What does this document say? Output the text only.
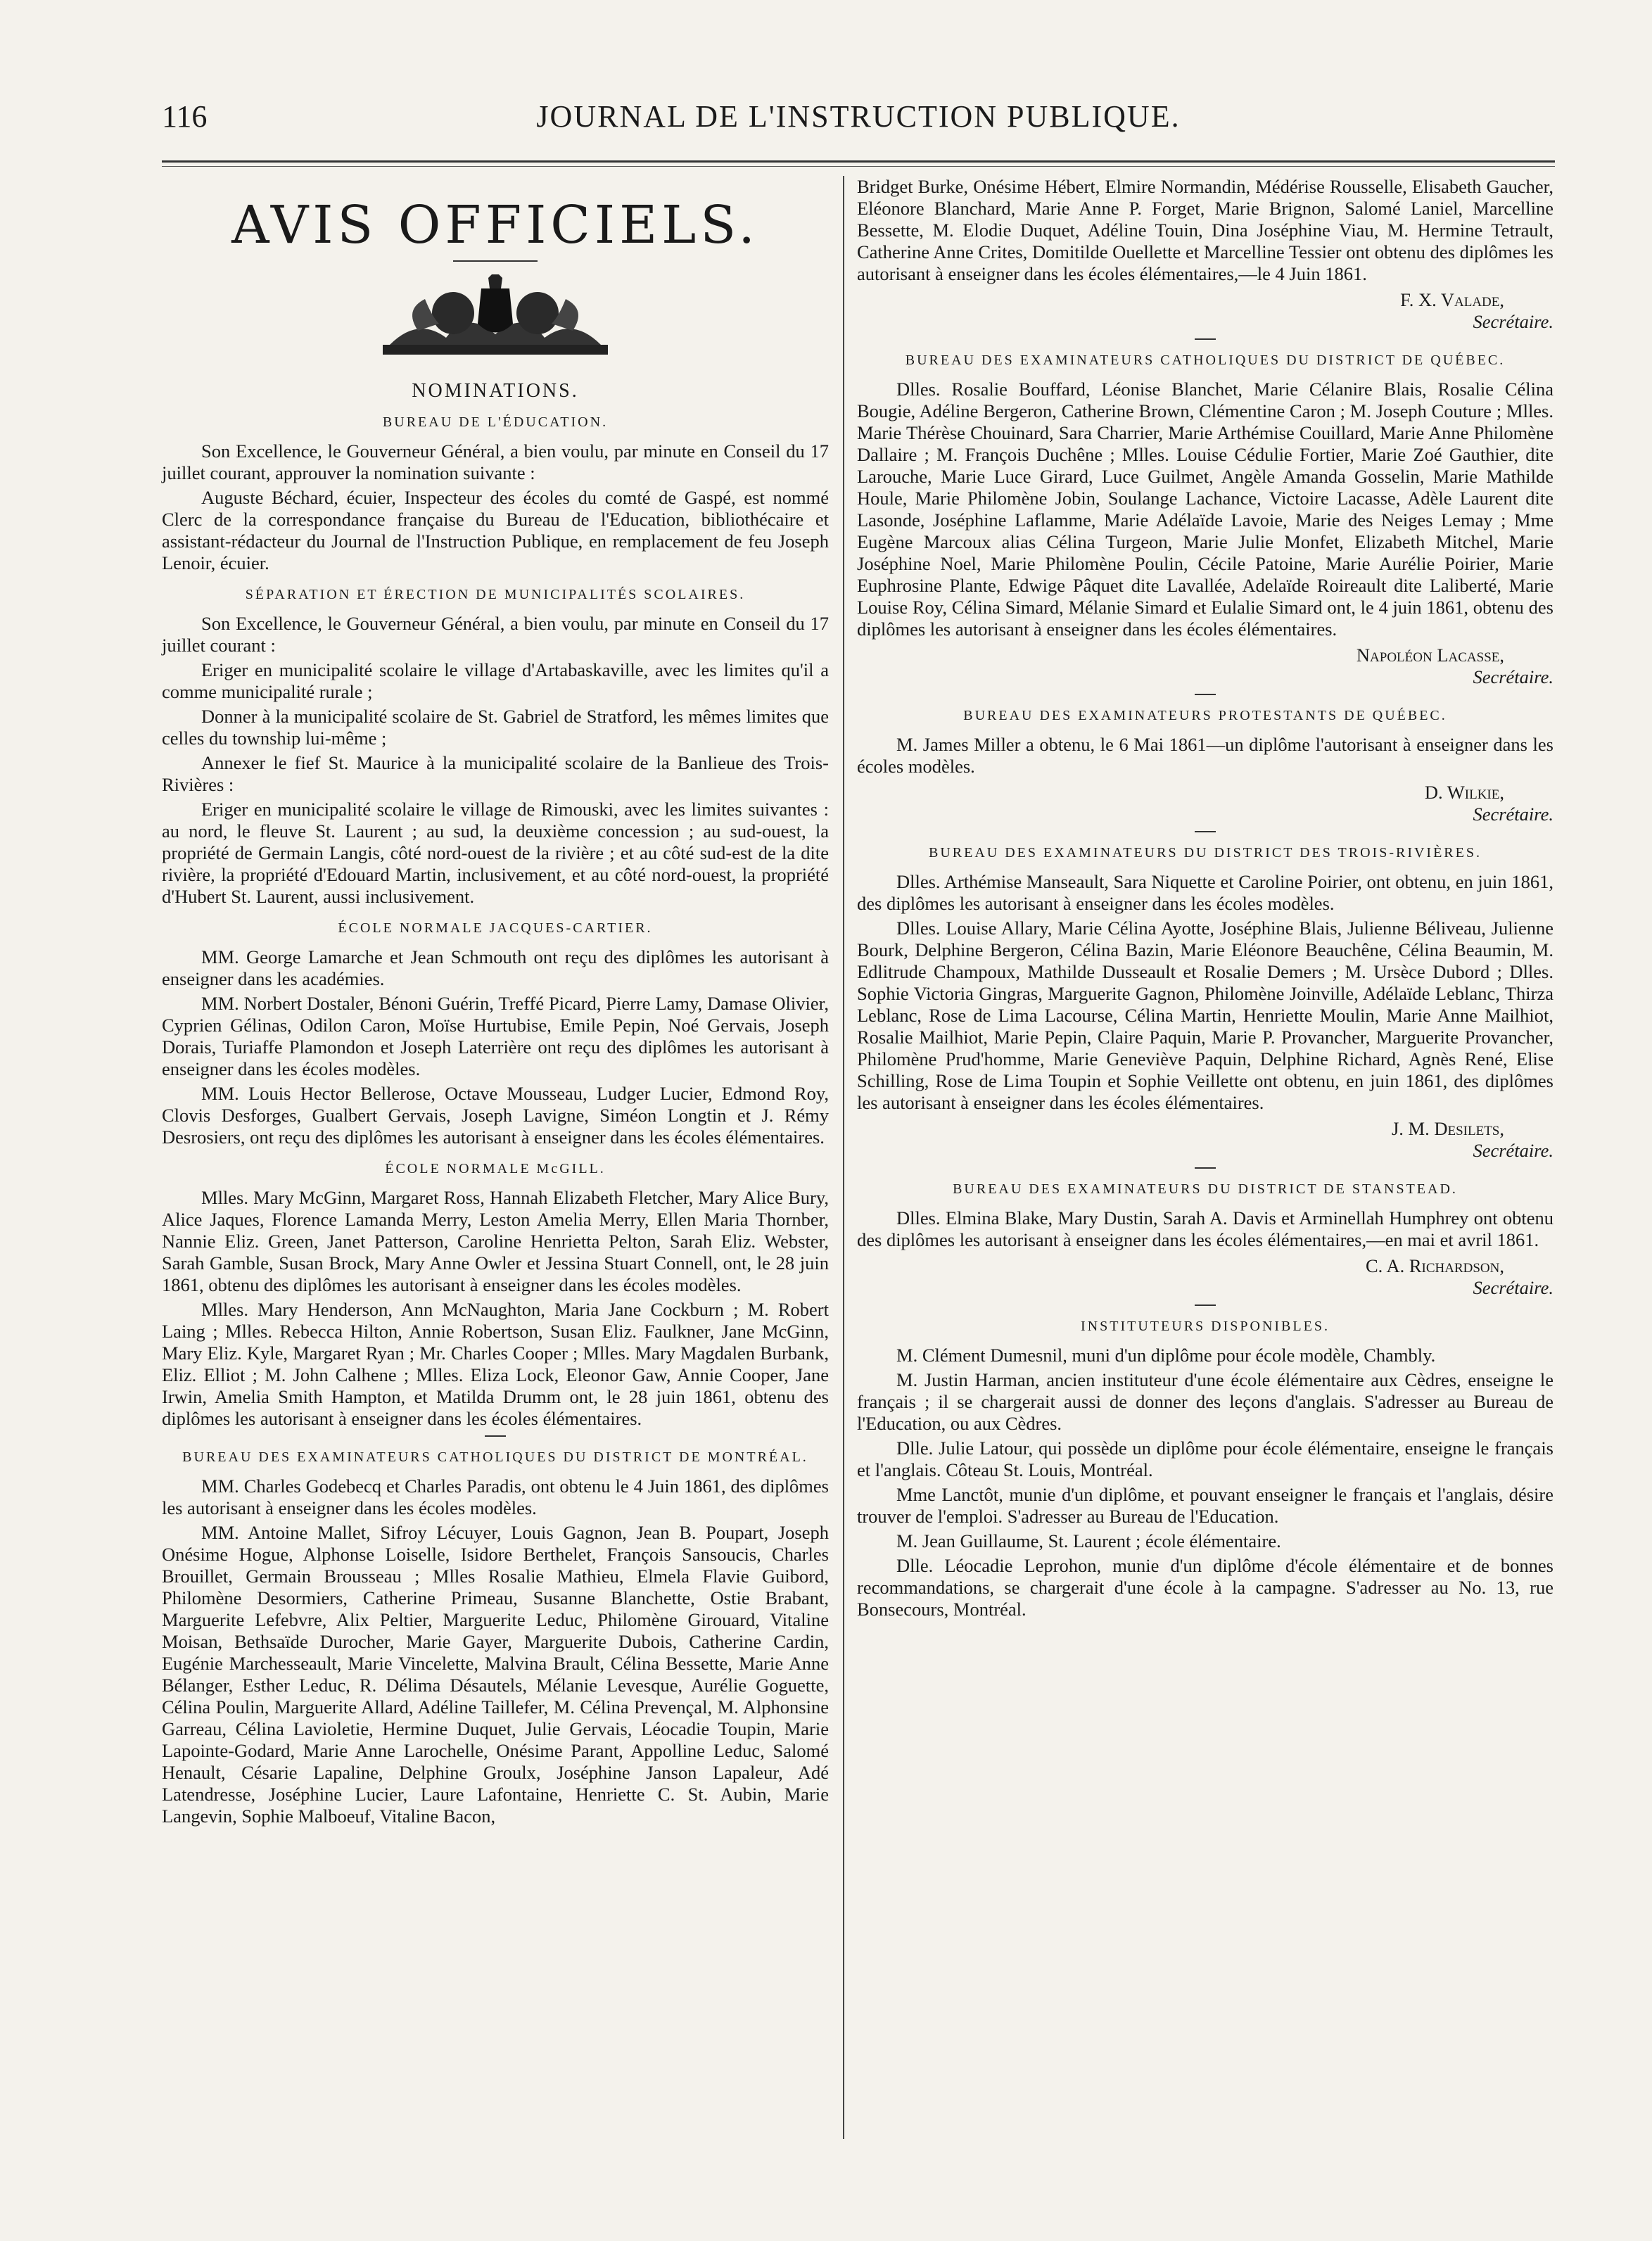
116	JOURNAL DE L'INSTRUCTION PUBLIQUE.
AVIS OFFICIELS.
NOMINATIONS.
BUREAU DE L'ÉDUCATION.

Son Excellence, le Gouverneur Général, a bien voulu, par minute en Conseil du 17 juillet courant, approuver la nomination suivante :

Auguste Béchard, écuier, Inspecteur des écoles du comté de Gaspé, est nommé Clerc de la correspondance française du Bureau de l'Education, bibliothécaire et assistant-rédacteur du Journal de l'Instruction Publique, en remplacement de feu Joseph Lenoir, écuier.

SÉPARATION ET ÉRECTION DE MUNICIPALITÉS SCOLAIRES.

Son Excellence, le Gouverneur Général, a bien voulu, par minute en Conseil du 17 juillet courant :

Eriger en municipalité scolaire le village d'Artabaskaville, avec les limites qu'il a comme municipalité rurale ;

Donner à la municipalité scolaire de St. Gabriel de Stratford, les mêmes limites que celles du township lui-même ;

Annexer le fief St. Maurice à la municipalité scolaire de la Banlieue des Trois-Rivières :

Eriger en municipalité scolaire le village de Rimouski, avec les limites suivantes : au nord, le fleuve St. Laurent ; au sud, la deuxième concession ; au sud-ouest, la propriété de Germain Langis, côté nord-ouest de la rivière ; et au côté sud-est de la dite rivière, la propriété d'Edouard Martin, inclusivement, et au côté nord-ouest, la propriété d'Hubert St. Laurent, aussi inclusivement.

ÉCOLE NORMALE JACQUES-CARTIER.

MM. George Lamarche et Jean Schmouth ont reçu des diplômes les autorisant à enseigner dans les académies.

MM. Norbert Dostaler, Bénoni Guérin, Treffé Picard, Pierre Lamy, Damase Olivier, Cyprien Gélinas, Odilon Caron, Moïse Hurtubise, Emile Pepin, Noé Gervais, Joseph Dorais, Turiaffe Plamondon et Joseph Laterrière ont reçu des diplômes les autorisant à enseigner dans les écoles modèles.

MM. Louis Hector Bellerose, Octave Mousseau, Ludger Lucier, Edmond Roy, Clovis Desforges, Gualbert Gervais, Joseph Lavigne, Siméon Longtin et J. Rémy Desrosiers, ont reçu des diplômes les autorisant à enseigner dans les écoles élémentaires.

ÉCOLE NORMALE McGILL.

Mlles. Mary McGinn, Margaret Ross, Hannah Elizabeth Fletcher, Mary Alice Bury, Alice Jaques, Florence Lamanda Merry, Leston Amelia Merry, Ellen Maria Thornber, Nannie Eliz. Green, Janet Patterson, Caroline Henrietta Pelton, Sarah Eliz. Webster, Sarah Gamble, Susan Brock, Mary Anne Owler et Jessina Stuart Connell, ont, le 28 juin 1861, obtenu des diplômes les autorisant à enseigner dans les écoles modèles.

Mlles. Mary Henderson, Ann McNaughton, Maria Jane Cockburn ; M. Robert Laing ; Mlles. Rebecca Hilton, Annie Robertson, Susan Eliz. Faulkner, Jane McGinn, Mary Eliz. Kyle, Margaret Ryan ; Mr. Charles Cooper ; Mlles. Mary Magdalen Burbank, Eliz. Elliot ; M. John Calhene ; Mlles. Eliza Lock, Eleonor Gaw, Annie Cooper, Jane Irwin, Amelia Smith Hampton, et Matilda Drumm ont, le 28 juin 1861, obtenu des diplômes les autorisant à enseigner dans les écoles élémentaires.

BUREAU DES EXAMINATEURS CATHOLIQUES DU DISTRICT DE MONTRÉAL.

MM. Charles Godebecq et Charles Paradis, ont obtenu le 4 Juin 1861, des diplômes les autorisant à enseigner dans les écoles modèles.

MM. Antoine Mallet, Sifroy Lécuyer, Louis Gagnon, Jean B. Poupart, Joseph Onésime Hogue, Alphonse Loiselle, Isidore Berthelet, François Sansoucis, Charles Brouillet, Germain Brousseau ; Mlles Rosalie Mathieu, Elmela Flavie Guibord, Philomène Desormiers, Catherine Primeau, Susanne Blanchette, Ostie Brabant, Marguerite Lefebvre, Alix Peltier, Marguerite Leduc, Philomène Girouard, Vitaline Moisan, Bethsaïde Durocher, Marie Gayer, Marguerite Dubois, Catherine Cardin, Eugénie Marchesseault, Marie Vincelette, Malvina Brault, Célina Bessette, Marie Anne Bélanger, Esther Leduc, R. Délima Désautels, Mélanie Levesque, Aurélie Goguette, Célina Poulin, Marguerite Allard, Adéline Taillefer, M. Célina Prevençal, M. Alphonsine Garreau, Célina Lavioletie, Hermine Duquet, Julie Gervais, Léocadie Toupin, Marie Lapointe-Godard, Marie Anne Larochelle, Onésime Parant, Appolline Leduc, Salomé Henault, Césarie Lapaline, Delphine Groulx, Joséphine Janson Lapaleur, Adé Latendresse, Joséphine Lucier, Laure Lafontaine, Henriette C. St. Aubin, Marie Langevin, Sophie Malboeuf, Vitaline Bacon,

Bridget Burke, Onésime Hébert, Elmire Normandin, Médérise Rousselle, Elisabeth Gaucher, Eléonore Blanchard, Marie Anne P. Forget, Marie Brignon, Salomé Laniel, Marcelline Bessette, M. Elodie Duquet, Adéline Touin, Dina Joséphine Viau, M. Hermine Tetrault, Catherine Anne Crites, Domitilde Ouellette et Marcelline Tessier ont obtenu des diplômes les autorisant à enseigner dans les écoles élémentaires,—le 4 Juin 1861.

F. X. Valade,
Secrétaire.
BUREAU DES EXAMINATEURS CATHOLIQUES DU DISTRICT DE QUÉBEC.

Dlles. Rosalie Bouffard, Léonise Blanchet, Marie Célanire Blais, Rosalie Célina Bougie, Adéline Bergeron, Catherine Brown, Clémentine Caron ; M. Joseph Couture ; Mlles. Marie Thérèse Chouinard, Sara Charrier, Marie Arthémise Couillard, Marie Anne Philomène Dallaire ; M. François Duchêne ; Mlles. Louise Cédulie Fortier, Marie Zoé Gauthier, dite Larouche, Marie Luce Girard, Luce Guilmet, Angèle Amanda Gosselin, Marie Mathilde Houle, Marie Philomène Jobin, Soulange Lachance, Victoire Lacasse, Adèle Laurent dite Lasonde, Joséphine Laflamme, Marie Adélaïde Lavoie, Marie des Neiges Lemay ; Mme Eugène Marcoux alias Célina Turgeon, Marie Julie Monfet, Elizabeth Mitchel, Marie Joséphine Noel, Marie Philomène Poulin, Cécile Patoine, Marie Aurélie Poirier, Marie Euphrosine Plante, Edwige Pâquet dite Lavallée, Adelaïde Roireault dite Laliberté, Marie Louise Roy, Célina Simard, Mélanie Simard et Eulalie Simard ont, le 4 juin 1861, obtenu des diplômes les autorisant à enseigner dans les écoles élémentaires.

Napoléon Lacasse,
Secrétaire.
BUREAU DES EXAMINATEURS PROTESTANTS DE QUÉBEC.

M. James Miller a obtenu, le 6 Mai 1861—un diplôme l'autorisant à enseigner dans les écoles modèles.

D. Wilkie,
Secrétaire.
BUREAU DES EXAMINATEURS DU DISTRICT DES TROIS-RIVIÈRES.

Dlles. Arthémise Manseault, Sara Niquette et Caroline Poirier, ont obtenu, en juin 1861, des diplômes les autorisant à enseigner dans les écoles modèles.

Dlles. Louise Allary, Marie Célina Ayotte, Joséphine Blais, Julienne Béliveau, Julienne Bourk, Delphine Bergeron, Célina Bazin, Marie Eléonore Beauchêne, Célina Beaumin, M. Edlitrude Champoux, Mathilde Dusseault et Rosalie Demers ; M. Ursèce Dubord ; Dlles. Sophie Victoria Gingras, Marguerite Gagnon, Philomène Joinville, Adélaïde Leblanc, Thirza Leblanc, Rose de Lima Lacourse, Célina Martin, Henriette Moulin, Marie Anne Mailhiot, Rosalie Mailhiot, Marie Pepin, Claire Paquin, Marie P. Provancher, Marguerite Provancher, Philomène Prud'homme, Marie Geneviève Paquin, Delphine Richard, Agnès René, Elise Schilling, Rose de Lima Toupin et Sophie Veillette ont obtenu, en juin 1861, des diplômes les autorisant à enseigner dans les écoles élémentaires.

J. M. Desilets,
Secrétaire.
BUREAU DES EXAMINATEURS DU DISTRICT DE STANSTEAD.

Dlles. Elmina Blake, Mary Dustin, Sarah A. Davis et Arminellah Humphrey ont obtenu des diplômes les autorisant à enseigner dans les écoles élémentaires,—en mai et avril 1861.

C. A. Richardson,
Secrétaire.
INSTITUTEURS DISPONIBLES.

M. Clément Dumesnil, muni d'un diplôme pour école modèle, Chambly.

M. Justin Harman, ancien instituteur d'une école élémentaire aux Cèdres, enseigne le français ; il se chargerait aussi de donner des leçons d'anglais. S'adresser au Bureau de l'Education, ou aux Cèdres.

Dlle. Julie Latour, qui possède un diplôme pour école élémentaire, enseigne le français et l'anglais. Côteau St. Louis, Montréal.

Mme Lanctôt, munie d'un diplôme, et pouvant enseigner le français et l'anglais, désire trouver de l'emploi. S'adresser au Bureau de l'Education.

M. Jean Guillaume, St. Laurent ; école élémentaire.

Dlle. Léocadie Leprohon, munie d'un diplôme d'école élémentaire et de bonnes recommandations, se chargerait d'une école à la campagne. S'adresser au No. 13, rue Bonsecours, Montréal.
